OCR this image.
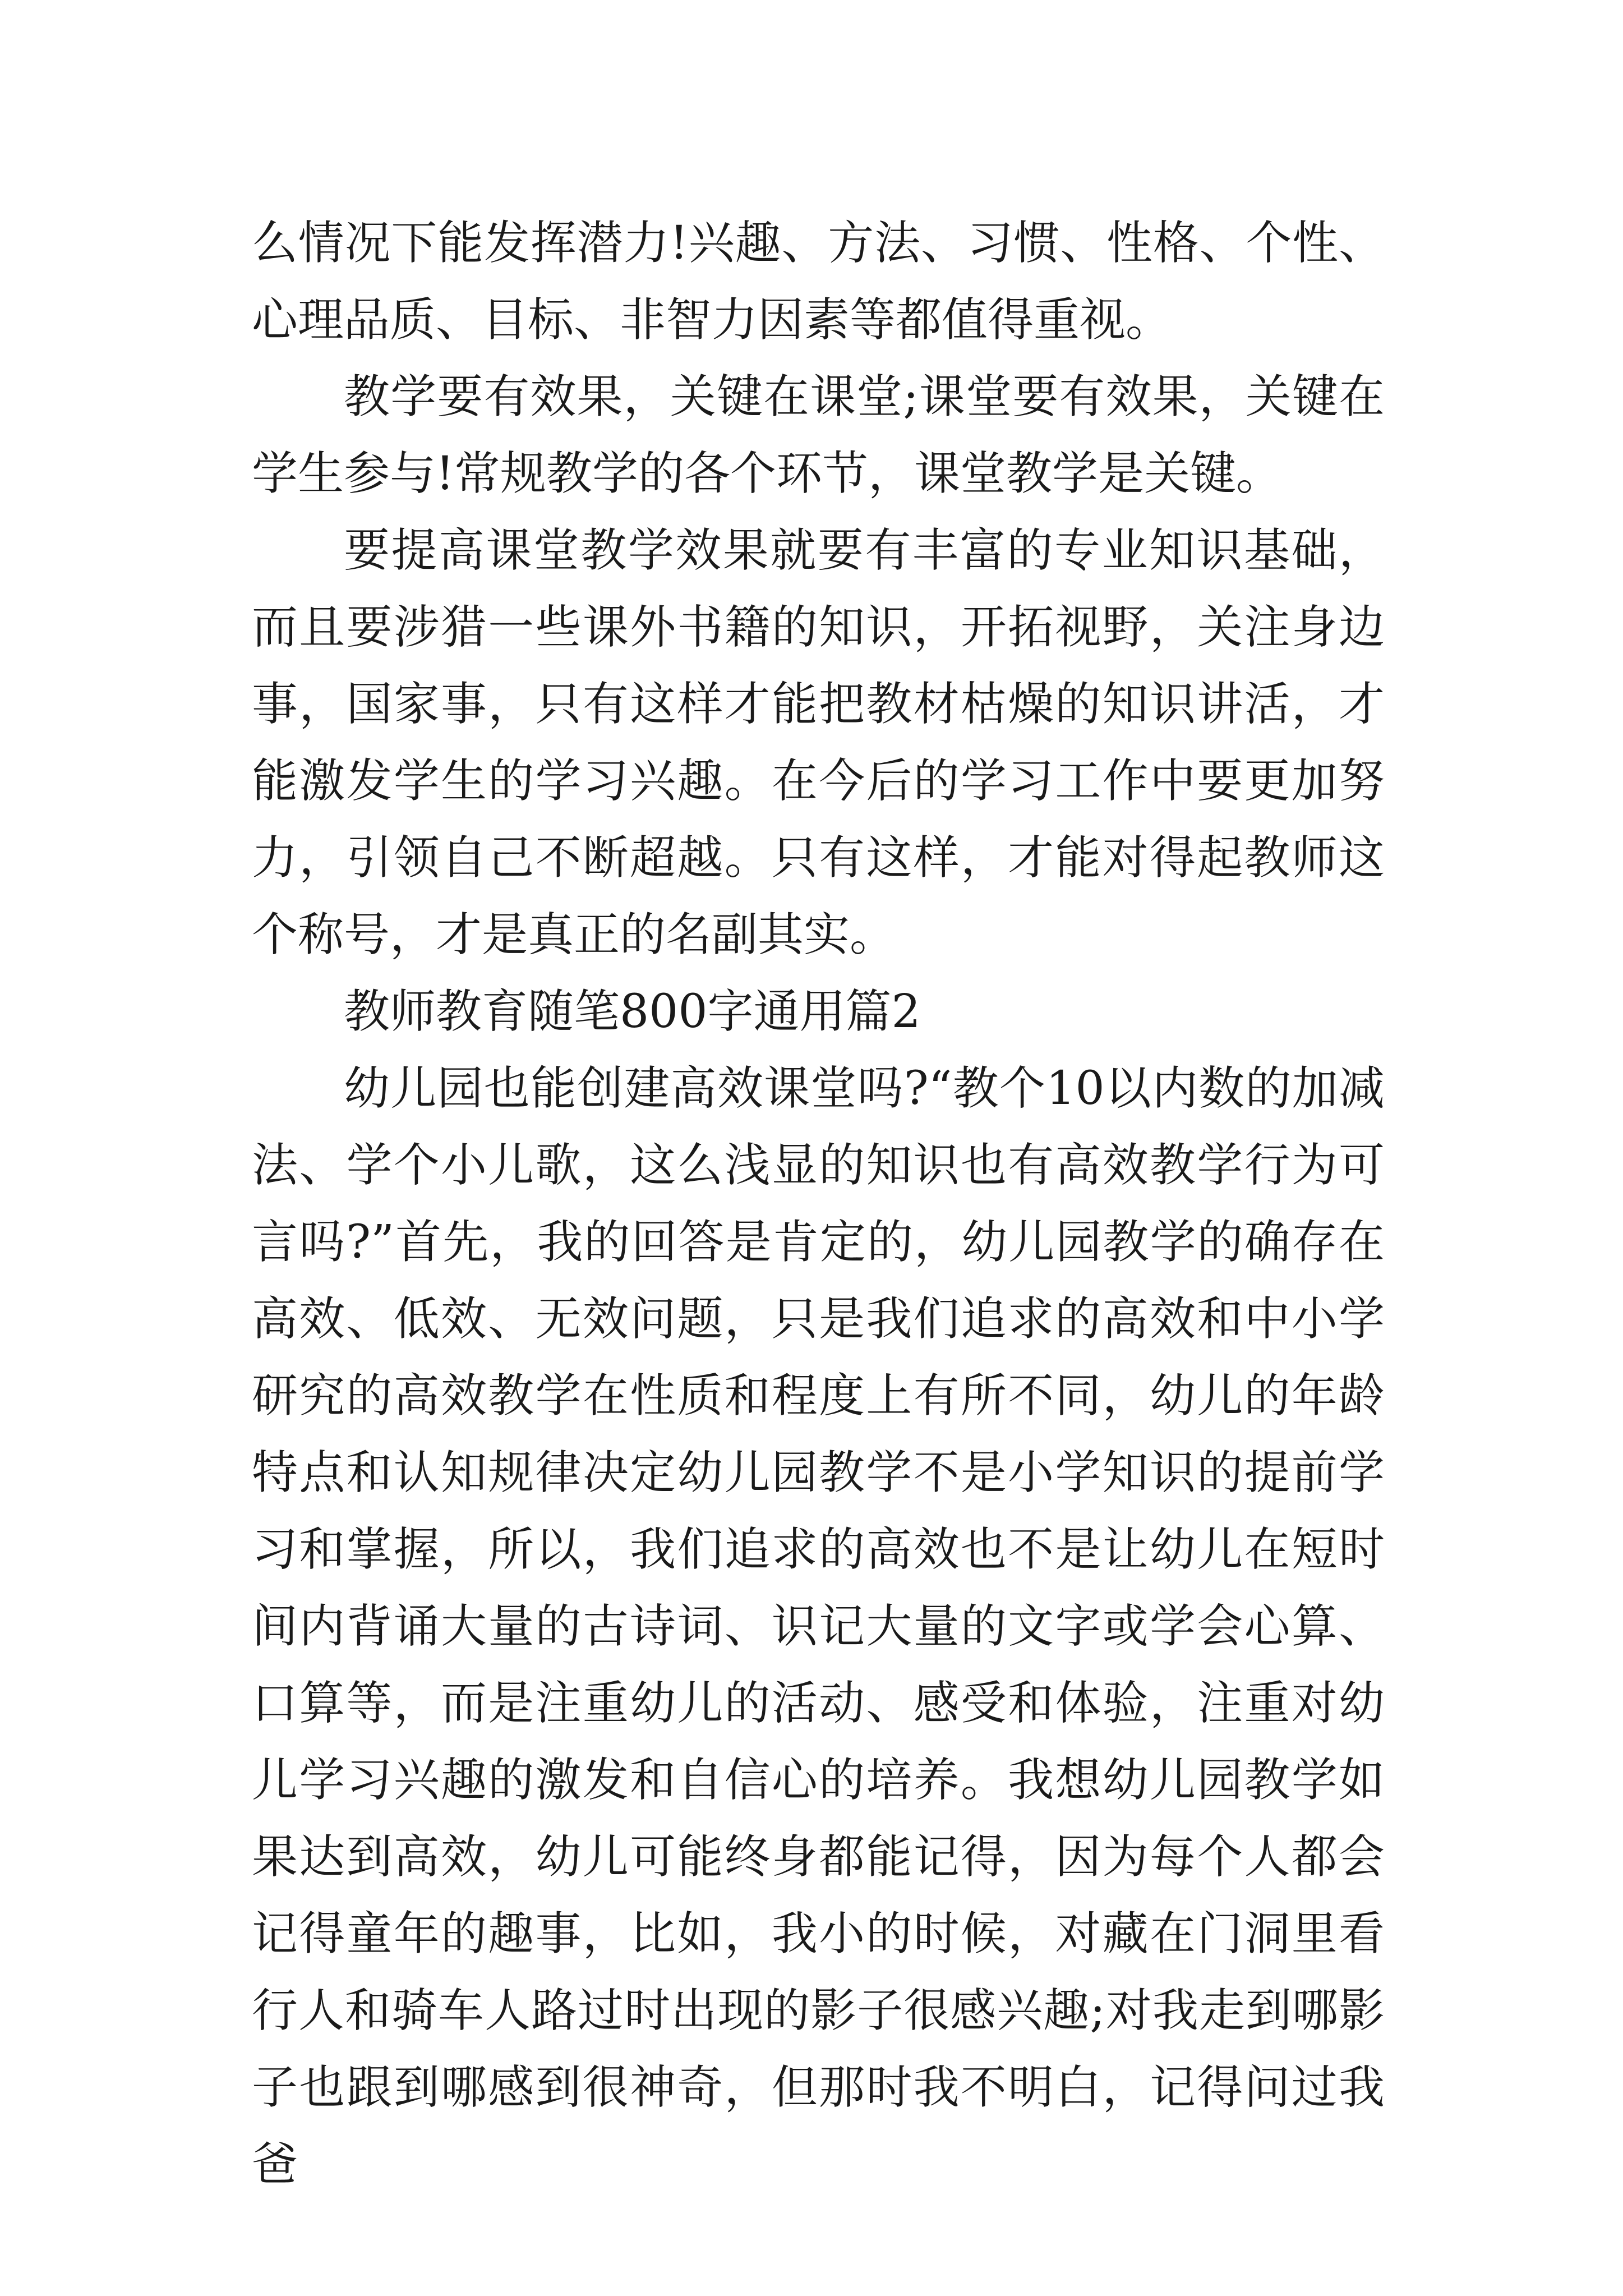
么情况下能发挥潜力!兴趣、方法、习惯、性格、个性、心理品质、目标、非智力因素等都值得重视。

教学要有效果，关键在课堂;课堂要有效果，关键在学生参与!常规教学的各个环节，课堂教学是关键。

要提高课堂教学效果就要有丰富的专业知识基础，而且要涉猎一些课外书籍的知识，开拓视野，关注身边事，国家事，只有这样才能把教材枯燥的知识讲活，才能激发学生的学习兴趣。在今后的学习工作中要更加努力，引领自己不断超越。只有这样，才能对得起教师这个称号，才是真正的名副其实。

教师教育随笔800字通用篇2

幼儿园也能创建高效课堂吗?“教个10以内数的加减法、学个小儿歌，这么浅显的知识也有高效教学行为可言吗?”首先，我的回答是肯定的，幼儿园教学的确存在高效、低效、无效问题，只是我们追求的高效和中小学研究的高效教学在性质和程度上有所不同，幼儿的年龄特点和认知规律决定幼儿园教学不是小学知识的提前学习和掌握，所以，我们追求的高效也不是让幼儿在短时间内背诵大量的古诗词、识记大量的文字或学会心算、口算等，而是注重幼儿的活动、感受和体验，注重对幼儿学习兴趣的激发和自信心的培养。我想幼儿园教学如果达到高效，幼儿可能终身都能记得，因为每个人都会记得童年的趣事，比如，我小的时候，对藏在门洞里看行人和骑车人路过时出现的影子很感兴趣;对我走到哪影子也跟到哪感到很神奇，但那时我不明白，记得问过我爸
